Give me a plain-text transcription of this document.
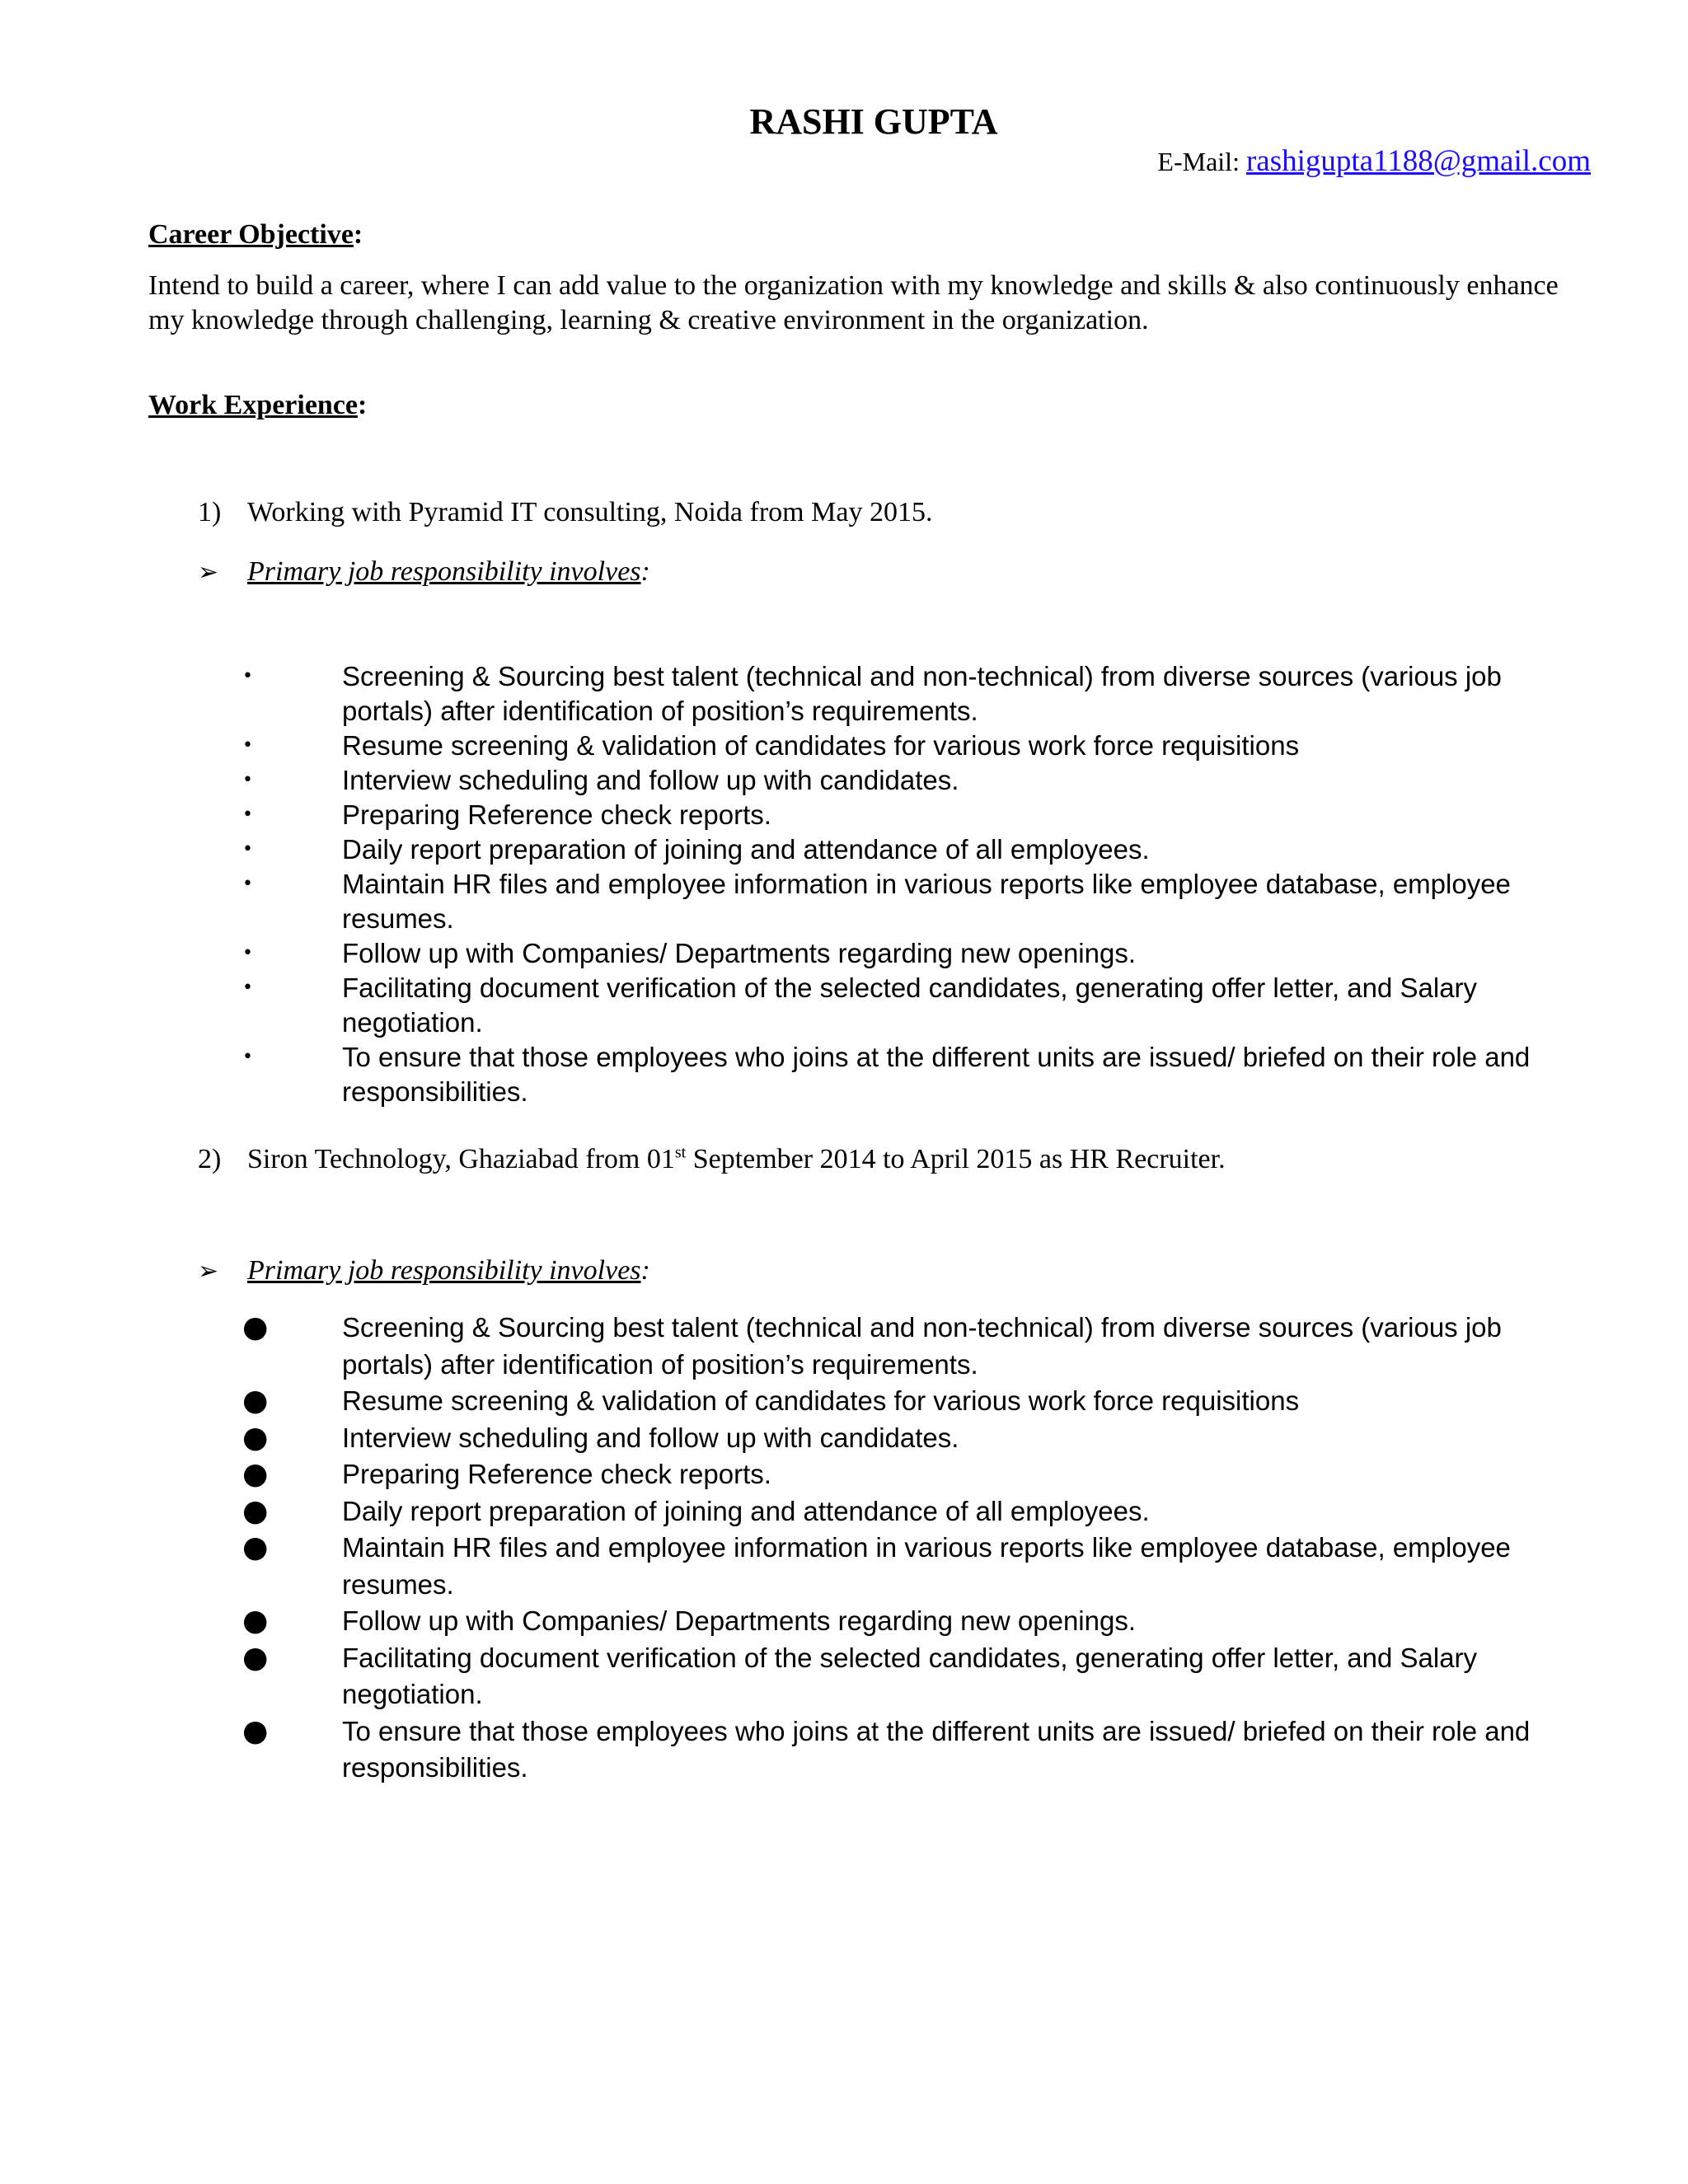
RASHI GUPTA
E-Mail: rashigupta1188@gmail.com
Career Objective:
Intend to build a career, where I can add value to the organization with my knowledge and skills & also continuously enhance my knowledge through challenging, learning & creative environment in the organization.
Work Experience:
1) Working with Pyramid IT consulting, Noida from May 2015.
➢ Primary job responsibility involves:
•	Screening & Sourcing best talent (technical and non-technical) from diverse sources (various job portals) after identification of position’s requirements.
•	Resume screening & validation of candidates for various work force requisitions
•	Interview scheduling and follow up with candidates.
•	Preparing Reference check reports.
•	Daily report preparation of joining and attendance of all employees.
•	Maintain HR files and employee information in various reports like employee database, employee resumes.
•	Follow up with Companies/ Departments regarding new openings.
•	Facilitating document verification of the selected candidates, generating offer letter, and Salary negotiation.
•	To ensure that those employees who joins at the different units are issued/ briefed on their role and responsibilities.
2) Siron Technology, Ghaziabad from 01st September 2014 to April 2015 as HR Recruiter.
➢ Primary job responsibility involves:
●	Screening & Sourcing best talent (technical and non-technical) from diverse sources (various job portals) after identification of position’s requirements.
●	Resume screening & validation of candidates for various work force requisitions
●	Interview scheduling and follow up with candidates.
●	Preparing Reference check reports.
●	Daily report preparation of joining and attendance of all employees.
●	Maintain HR files and employee information in various reports like employee database, employee resumes.
●	Follow up with Companies/ Departments regarding new openings.
●	Facilitating document verification of the selected candidates, generating offer letter, and Salary negotiation.
●	To ensure that those employees who joins at the different units are issued/ briefed on their role and responsibilities.
